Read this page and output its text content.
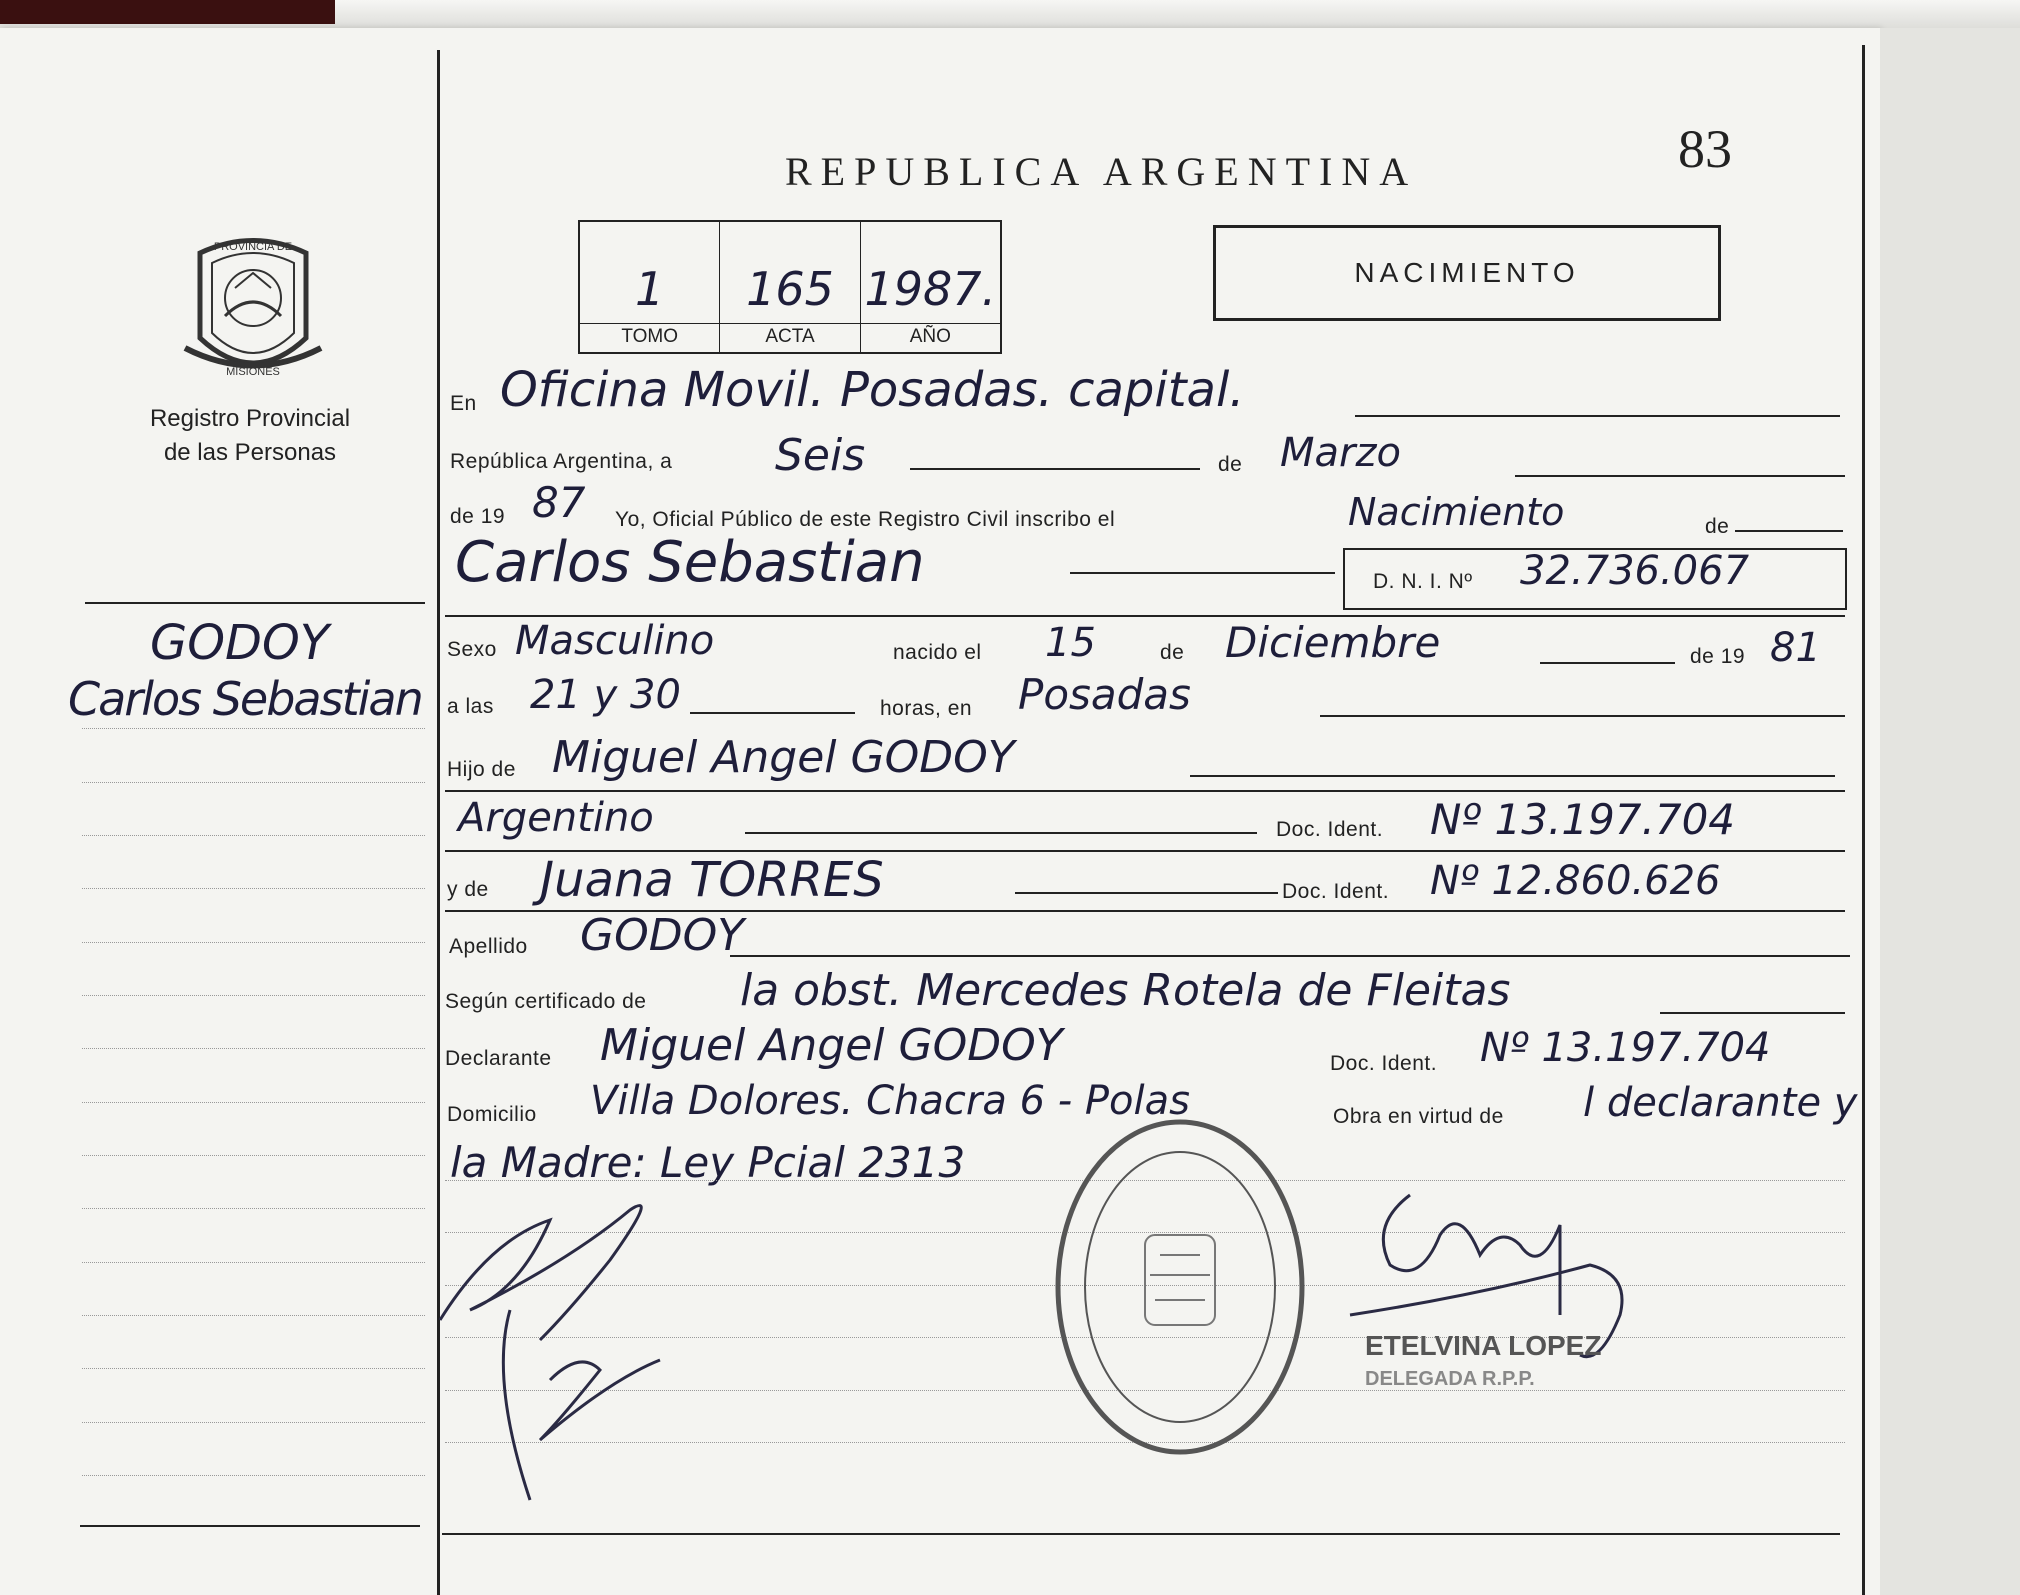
PROVINCIA DE
MISIONES
Registro Provincial
de las Personas
GODOY
Carlos Sebastian
REPUBLICA ARGENTINA	83
1
TOMO
165
ACTA
1987.
AÑO
NACIMIENTO
En Oficina Movil. Posadas. capital.
República Argentina, a Seis	de Marzo
de 19 87 Yo, Oficial Público de este Registro Civil inscribo el	Nacimiento	de
Carlos Sebastian	D. N. I. Nº 32.736.067
Sexo Masculino	nacido el 15	de Diciembre	de 19 81
a las 21 y 30	horas, en Posadas
Hijo de Miguel Angel GODOY
Argentino	Doc. Ident. Nº 13.197.704
y de Juana TORRES	Doc. Ident. Nº 12.860.626
Apellido GODOY
Según certificado de la obst. Mercedes Rotela de Fleitas
Declarante Miguel Angel GODOY	Doc. Ident. Nº 13.197.704
Domicilio Villa Dolores. Chacra 6 - Polas	Obra en virtud de l declarante y
la Madre: Ley Pcial 2313
ETELVINA LOPEZ
DELEGADA R.P.P.
